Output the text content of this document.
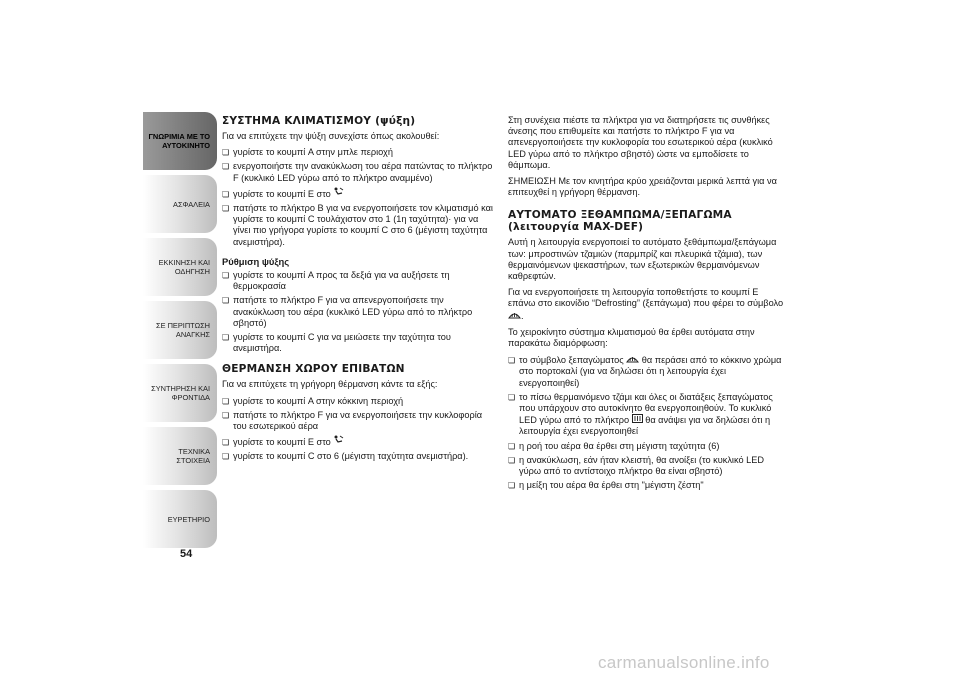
ΓΝΩΡΙΜΙΑ ΜΕ ΤΟ ΑΥΤΟΚΙΝΗΤΟ
ΑΣΦΑΛΕΙΑ
ΕΚΚΙΝΗΣΗ ΚΑΙ ΟΔΗΓΗΣΗ
ΣΕ ΠΕΡΙΠΤΩΣΗ ΑΝΑΓΚΗΣ
ΣΥΝΤΗΡΗΣΗ ΚΑΙ ΦΡΟΝΤΙΔΑ
ΤΕΧΝΙΚΑ ΣΤΟΙΧΕΙΑ
ΕΥΡΕΤΗΡΙΟ
54
ΣΥΣΤΗΜΑ ΚΛΙΜΑΤΙΣΜΟΥ (ψύξη)

Για να επιτύχετε την ψύξη συνεχίστε όπως ακολουθεί:

❏ γυρίστε το κουμπί A στην μπλε περιοχή
❏ ενεργοποιήστε την ανακύκλωση του αέρα πατώντας το πλήκτρο F (κυκλικό LED γύρω από το πλήκτρο αναμμένο)
❏ γυρίστε το κουμπί E στο
❏ πατήστε το πλήκτρο B για να ενεργοποιήσετε τον κλιματισμό και γυρίστε το κουμπί C τουλάχιστον στο 1 (1η ταχύτητα)· για να γίνει πιο γρήγορα γυρίστε το κουμπί C στο 6 (μέγιστη ταχύτητα ανεμιστήρα).
Ρύθμιση ψύξης
❏ γυρίστε το κουμπί A προς τα δεξιά για να αυξήσετε τη θερμοκρασία
❏ πατήστε το πλήκτρο F για να απενεργοποιήσετε την ανακύκλωση του αέρα (κυκλικό LED γύρω από το πλήκτρο σβηστό)
❏ γυρίστε το κουμπί C για να μειώσετε την ταχύτητα του ανεμιστήρα.
ΘΕΡΜΑΝΣΗ ΧΩΡΟΥ ΕΠΙΒΑΤΩΝ

Για να επιτύχετε τη γρήγορη θέρμανση κάντε τα εξής:

❏ γυρίστε το κουμπί A στην κόκκινη περιοχή
❏ πατήστε το πλήκτρο F για να ενεργοποιήσετε την κυκλοφορία του εσωτερικού αέρα
❏ γυρίστε το κουμπί E στο
❏ γυρίστε το κουμπί C στο 6 (μέγιστη ταχύτητα ανεμιστήρα).

Στη συνέχεια πιέστε τα πλήκτρα για να διατηρήσετε τις συνθήκες άνεσης που επιθυμείτε και πατήστε το πλήκτρο F για να απενεργοποιήσετε την κυκλοφορία του εσωτερικού αέρα (κυκλικό LED γύρω από το πλήκτρο σβηστό) ώστε να εμποδίσετε το θάμπωμα.

ΣΗΜΕΙΩΣΗ Με τον κινητήρα κρύο χρειάζονται μερικά λεπτά για να επιτευχθεί η γρήγορη θέρμανση.

ΑΥΤΟΜΑΤΟ ΞΕΘΑΜΠΩΜΑ/ΞΕΠΑΓΩΜΑ (λειτουργία MAX-DEF)

Αυτή η λειτουργία ενεργοποιεί το αυτόματο ξεθάμπωμα/ξεπάγωμα των: μπροστινών τζαμιών (παρμπρίζ και πλευρικά τζάμια), των θερμαινόμενων ψεκαστήρων, των εξωτερικών θερμαινόμενων καθρεφτών.

Για να ενεργοποιήσετε τη λειτουργία τοποθετήστε το κουμπί E επάνω στο εικονίδιο “Defrosting” (ξεπάγωμα) που φέρει το σύμβολο .

Το χειροκίνητο σύστημα κλιματισμού θα έρθει αυτόματα στην παρακάτω διαμόρφωση:

❏ το σύμβολο ξεπαγώματος θα περάσει από το κόκκινο χρώμα στο πορτοκαλί (για να δηλώσει ότι η λειτουργία έχει ενεργοποιηθεί)
❏ το πίσω θερμαινόμενο τζάμι και όλες οι διατάξεις ξεπαγώματος που υπάρχουν στο αυτοκίνητο θα ενεργοποιηθούν. Το κυκλικό LED γύρω από το πλήκτρο θα ανάψει για να δηλώσει ότι η λειτουργία έχει ενεργοποιηθεί
❏ η ροή του αέρα θα έρθει στη μέγιστη ταχύτητα (6)
❏ η ανακύκλωση, εάν ήταν κλειστή, θα ανοίξει (το κυκλικό LED γύρω από το αντίστοιχο πλήκτρο θα είναι σβηστό)
❏ η μείξη του αέρα θα έρθει στη "μέγιστη ζέστη"
carmanualsonline.info
